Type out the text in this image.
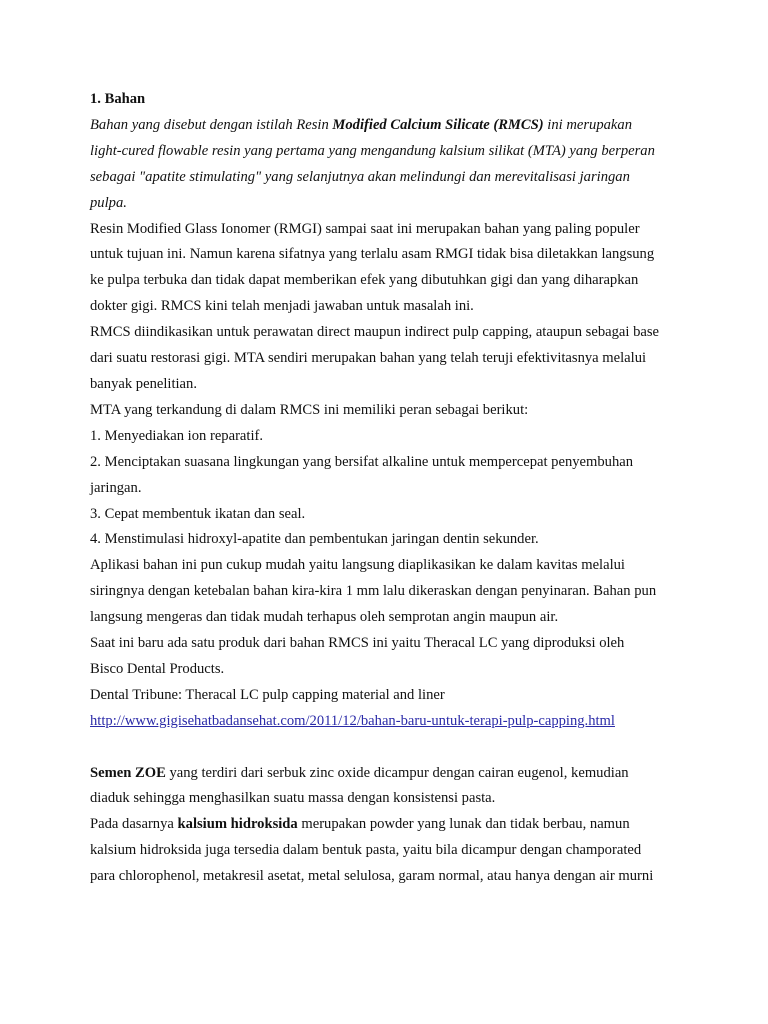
1. Bahan
Bahan yang disebut dengan istilah Resin Modified Calcium Silicate (RMCS) ini merupakan
light-cured flowable resin yang pertama yang mengandung kalsium silikat (MTA) yang berperan
sebagai "apatite stimulating" yang selanjutnya akan melindungi dan merevitalisasi jaringan
pulpa.
Resin Modified Glass Ionomer (RMGI) sampai saat ini merupakan bahan yang paling populer
untuk tujuan ini. Namun karena sifatnya yang terlalu asam RMGI tidak bisa diletakkan langsung
ke pulpa terbuka dan tidak dapat memberikan efek yang dibutuhkan gigi dan yang diharapkan
dokter gigi. RMCS kini telah menjadi jawaban untuk masalah ini.
RMCS diindikasikan untuk perawatan direct maupun indirect pulp capping, ataupun sebagai base
dari suatu restorasi gigi. MTA sendiri merupakan bahan yang telah teruji efektivitasnya melalui
banyak penelitian.
MTA yang terkandung di dalam RMCS ini memiliki peran sebagai berikut:
1. Menyediakan ion reparatif.
2. Menciptakan suasana lingkungan yang bersifat alkaline untuk mempercepat penyembuhan
jaringan.
3. Cepat membentuk ikatan dan seal.
4. Menstimulasi hidroxyl-apatite dan pembentukan jaringan dentin sekunder.
Aplikasi bahan ini pun cukup mudah yaitu langsung diaplikasikan ke dalam kavitas melalui
siringnya dengan ketebalan bahan kira-kira 1 mm lalu dikeraskan dengan penyinaran. Bahan pun
langsung mengeras dan tidak mudah terhapus oleh semprotan angin maupun air.
Saat ini baru ada satu produk dari bahan RMCS ini yaitu Theracal LC yang diproduksi oleh
Bisco Dental Products.
Dental Tribune: Theracal LC pulp capping material and liner
http://www.gigisehatbadansehat.com/2011/12/bahan-baru-untuk-terapi-pulp-capping.html
Semen ZOE yang terdiri dari serbuk zinc oxide dicampur dengan cairan eugenol, kemudian
diaduk sehingga menghasilkan suatu massa dengan konsistensi pasta.
Pada dasarnya kalsium hidroksida merupakan powder yang lunak dan tidak berbau, namun
kalsium hidroksida juga tersedia dalam bentuk pasta, yaitu bila dicampur dengan champorated
para chlorophenol, metakresil asetat, metal selulosa, garam normal, atau hanya dengan air murni
